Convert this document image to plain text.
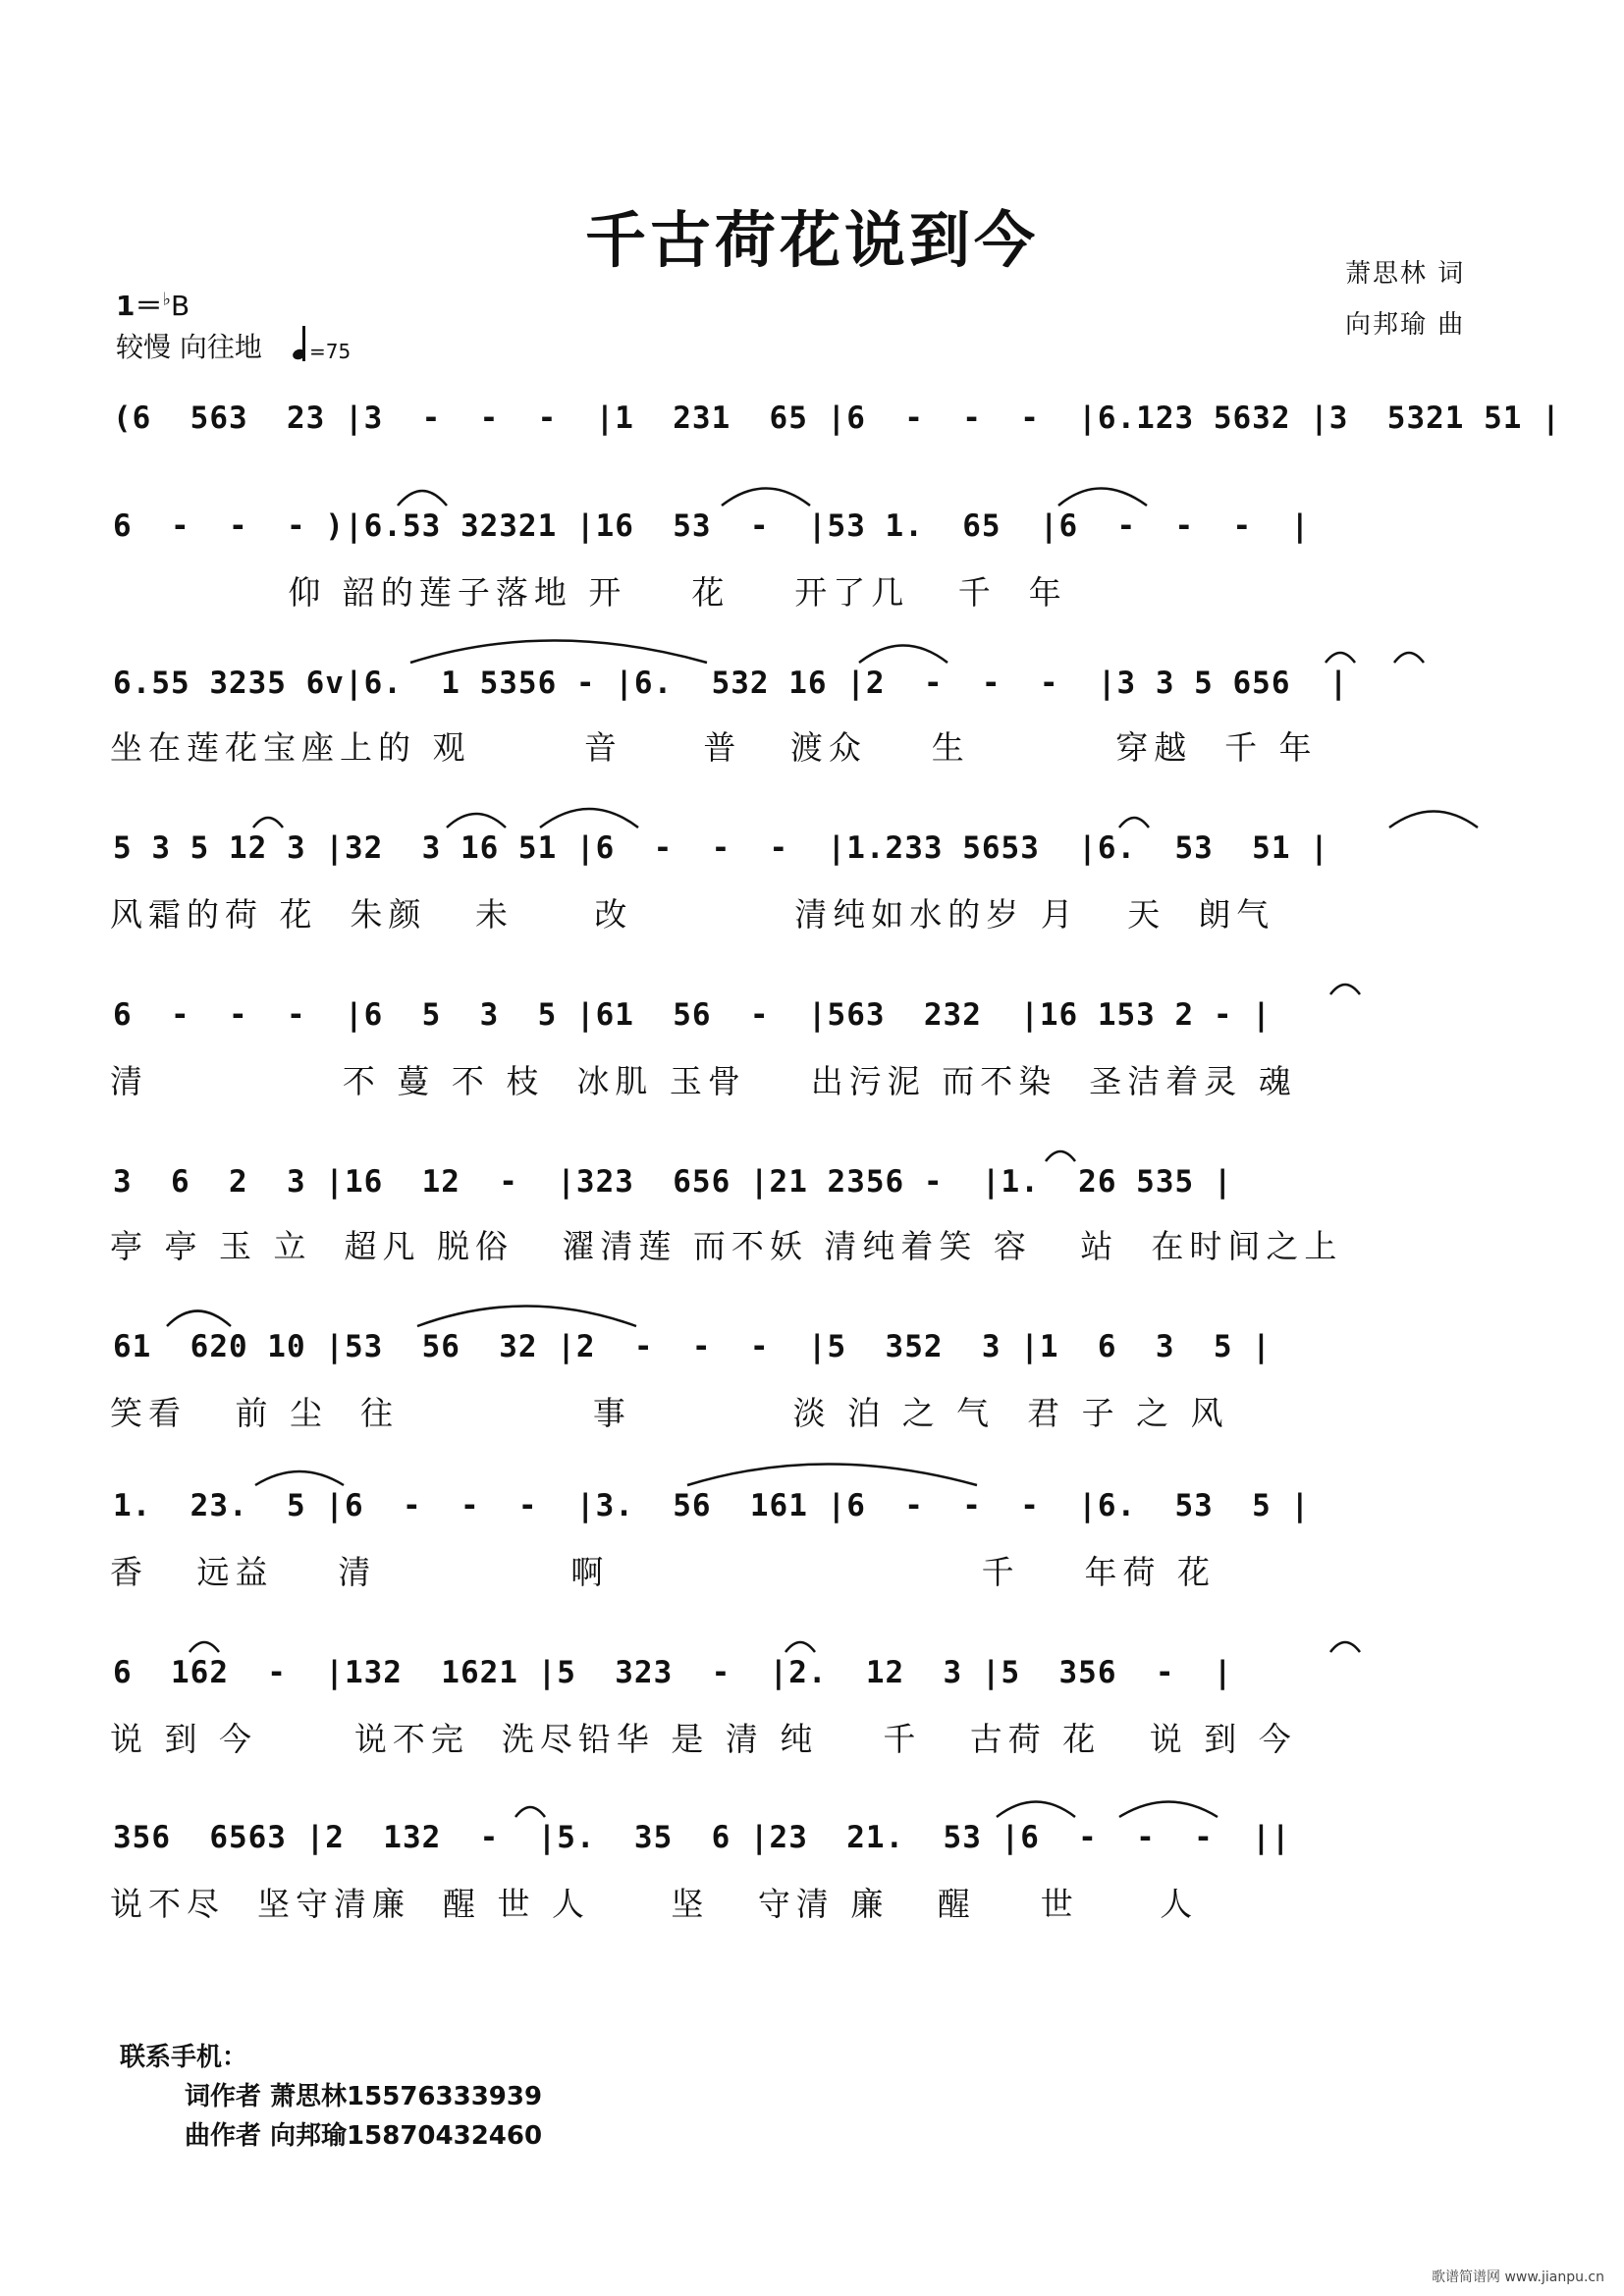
千古荷花说到今	萧思林 词
向邦瑜 曲
1＝♭B
较慢 向往地 =75
(6  563  23 |3  -  -  -  |1  231  65 |6  -  -  -  |6.123 5632 |3  5321 51 |
6  -  -  - )|6.53 32321 |16  53  -  |53 1.  65  |6  -  -  -  |
仰 韶的莲子落地 开    花    开了几   千  年
6.55 3235 6v|6.  1 5356 - |6.  532 16 |2  -  -  -  |3 3 5 656  |
坐在莲花宝座上的 观       音     普   渡众    生         穿越  千 年
5 3 5 12 3 |32  3 16 51 |6  -  -  -  |1.233 5653  |6.  53  51 |
风霜的荷 花  朱颜   未     改          清纯如水的岁 月   天  朗气
6  -  -  -  |6  5  3  5 |61  56  -  |563  232  |16 153 2 - |
清            不 蔓 不 枝  冰肌 玉骨    出污泥 而不染  圣洁着灵 魂
3  6  2  3 |16  12  -  |323  656 |21 2356 -  |1.  26 535 |
亭 亭 玉 立  超凡 脱俗   濯清莲 而不妖 清纯着笑 容   站  在时间之上
61  620 10 |53  56  32 |2  -  -  -  |5  352  3 |1  6  3  5 |
笑看   前 尘  往            事          淡 泊 之 气  君 子 之 风
1.  23.  5 |6  -  -  -  |3.  56  161 |6  -  -  -  |6.  53  5 |
香   远益    清            啊                       千    年荷 花
6  162  -  |132  1621 |5  323  -  |2.  12  3 |5  356  -  |
说 到 今      说不完  洗尽铅华 是 清 纯    千   古荷 花   说 到 今
356  6563 |2  132  -  |5.  35  6 |23  21.  53 |6  -  -  -  ||
说不尽  坚守清廉  醒 世 人     坚   守清 廉   醒    世     人
联系手机：
词作者 萧思林15576333939
曲作者 向邦瑜15870432460
歌谱简谱网 www.jianpu.cn
